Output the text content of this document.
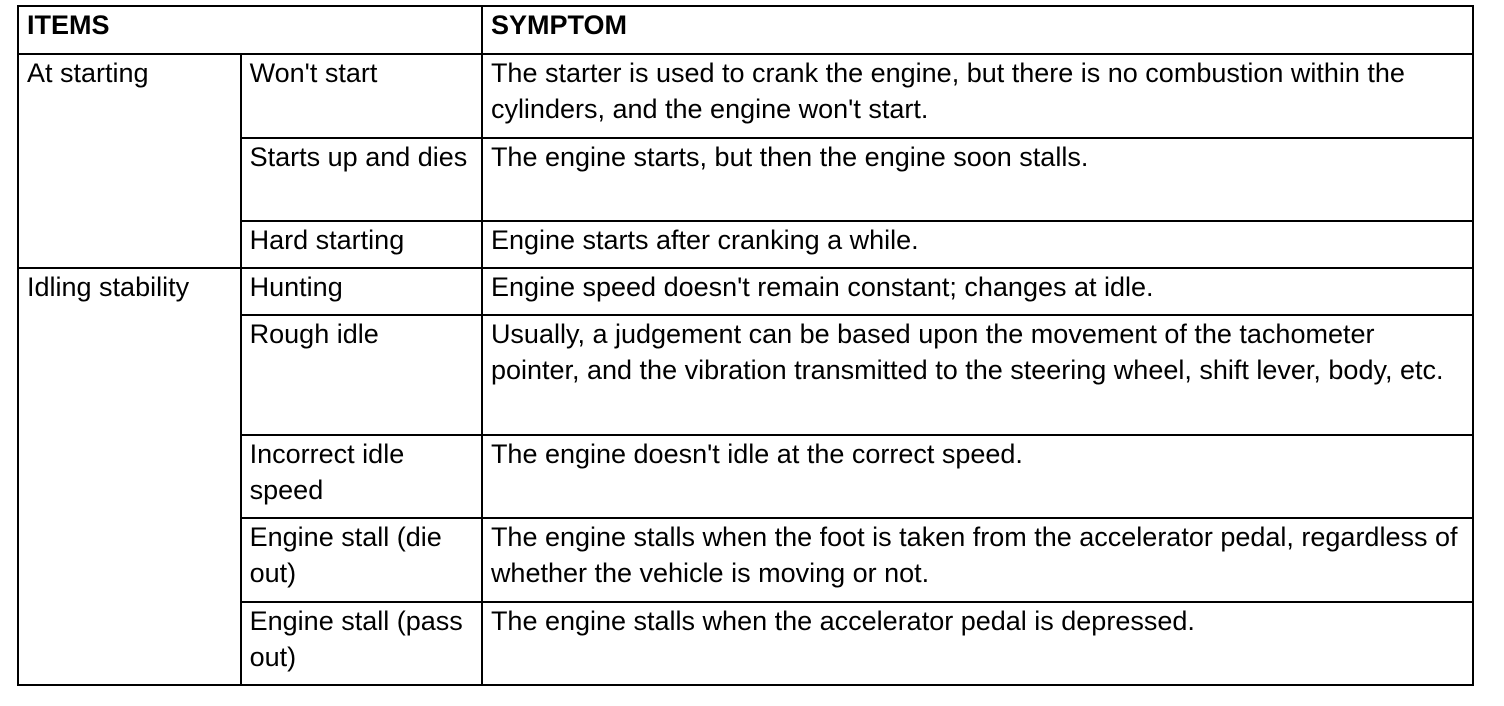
ITEMS		SYMPTOM
At starting	Won't start	The starter is used to crank the engine, but there is no combustion within the cylinders, and the engine won't start.
	Starts up and dies	The engine starts, but then the engine soon stalls.
	Hard starting	Engine starts after cranking a while.
Idling stability	Hunting	Engine speed doesn't remain constant; changes at idle.
	Rough idle	Usually, a judgement can be based upon the movement of the tachometer pointer, and the vibration transmitted to the steering wheel, shift lever, body, etc.
	Incorrect idle speed	The engine doesn't idle at the correct speed.
	Engine stall (die out)	The engine stalls when the foot is taken from the accelerator pedal, regardless of whether the vehicle is moving or not.
	Engine stall (pass out)	The engine stalls when the accelerator pedal is depressed.
